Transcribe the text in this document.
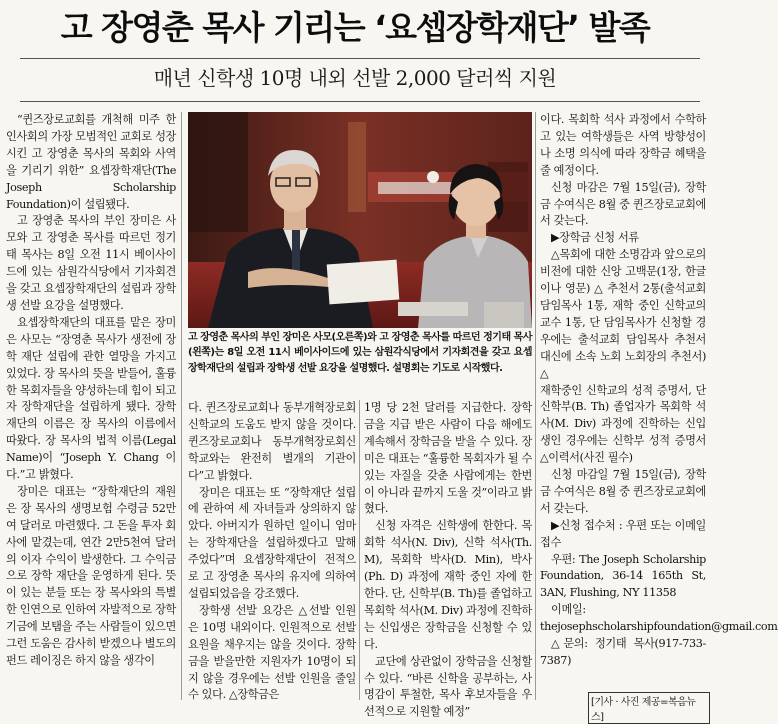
고 장영춘 목사 기리는 ‘요셉장학재단’ 발족
매년 신학생 10명 내외 선발 2,000 달러씩 지원

“퀸즈장로교회를 개척해 미주 한인사회의 가장 모범적인 교회로 성장시킨 고 장영춘 목사의 목회와 사역을 기리기 위한” 요셉장학재단(The Joseph Scholarship Foundation)이 설립됐다.

고 장영춘 목사의 부인 장미은 사모와 고 장영춘 목사를 따르던 정기태 목사는 8일 오전 11시 베이사이드에 있는 삼원각식당에서 기자회견을 갖고 요셉장학재단의 설립과 장학생 선발 요강을 설명했다.

요셉장학재단의 대표를 맡은 장미은 사모는 “장영춘 목사가 생전에 장학 재단 설립에 관한 열망을 가지고 있었다. 장 목사의 뜻을 받들어, 훌륭한 목회자들을 양성하는데 힘이 되고자 장학재단을 설립하게 됐다. 장학재단의 이름은 장 목사의 이름에서 따왔다. 장 목사의 법적 이름(Legal Name)이 “Joseph Y. Chang 이다.”고 밝혔다.

장미은 대표는 “장학재단의 재원은 장 목사의 생명보험 수령금 52만여 달러로 마련했다. 그 돈을 투자 회사에 맡겼는데, 연간 2만5천여 달러의 이자 수익이 발생한다. 그 수익금으로 장학 재단을 운영하게 된다. 뜻이 있는 분들 또는 장 목사와의 특별한 인연으로 인하여 자발적으로 장학 기금에 보탬을 주는 사람들이 있으면 그런 도움은 감사히 받겠으나 별도의 펀드 레이징은 하지 않을 생각이

고 장영춘 목사의 부인 장미은 사모(오른쪽)와 고 장영춘 목사를 따르던 정기태 목사(왼쪽)는 8일 오전 11시 베이사이드에 있는 삼원각식당에서 기자회견을 갖고 요셉장학재단의 설립과 장학생 선발 요강을 설명했다. 설명회는 기도로 시작했다.

다. 퀸즈장로교회나 동부개혁장로회신학교의 도움도 받지 않을 것이다. 퀸즈장로교회나 동부개혁장로회신학교와는 완전히 별개의 기관이다”고 밝혔다.

장미은 대표는 또 “장학재단 설립에 관하여 세 자녀들과 상의하지 않았다. 아버지가 원하던 일이니 엄마는 장학재단을 설립하겠다고 말해 주었다”며 요셉장학재단이 전적으로 고 장영춘 목사의 유지에 의하여 설립되었음을 강조했다.

장학생 선발 요강은 △선발 인원은 10명 내외이다. 인원적으로 선발 요원을 채우지는 않을 것이다. 장학금을 받을만한 지원자가 10명이 되지 않을 경우에는 선발 인원을 줄일 수 있다. △장학금은

1명 당 2천 달러를 지급한다. 장학금을 지급 받은 사람이 다음 해에도 계속해서 장학금을 받을 수 있다. 장미은 대표는 “훌륭한 목회자가 될 수 있는 자질을 갖춘 사람에게는 한번이 아니라 끝까지 도울 것”이라고 밝혔다.

신청 자격은 신학생에 한한다. 목회학 석사(N. Div), 신학 석사(Th. M), 목회학 박사(D. Min), 박사(Ph. D) 과정에 재학 중인 자에 한한다. 단, 신학부(B. Th)를 졸업하고 목회학 석사(M. Div) 과정에 진학하는 신입생은 장학금을 신청할 수 있다.

교단에 상관없이 장학금을 신청할 수 있다. “바른 신학을 공부하는, 사명감이 투철한, 목사 후보자들을 우선적으로 지원할 예정”

이다. 목회학 석사 과정에서 수학하고 있는 여학생들은 사역 방향성이나 소명 의식에 따라 장학금 혜택을 줄 예정이다.

신청 마감은 7월 15일(금), 장학금 수여식은 8월 중 퀸즈장로교회에서 갖는다.

▶장학금 신청 서류

△목회에 대한 소명감과 앞으로의 비전에 대한 신앙 고백문(1장, 한글이나 영문) △ 추천서 2통(출석교회 담임목사 1통, 재학 중인 신학교의 교수 1통, 단 담임목사가 신청할 경우에는 출석교회 담임목사 추천서 대신에 소속 노회 노회장의 추천서) △

재학중인 신학교의 성적 증명서, 단 신학부(B. Th) 졸업자가 목회학 석사(M. Div) 과정에 진학하는 신입생인 경우에는 신학부 성적 증명서 △이력서(사진 필수)

신청 마감일 7월 15일(금), 장학금 수여식은 8월 중 퀸즈장로교회에서 갖는다.

▶신청 접수처 : 우편 또는 이메일 접수

우편: The Joseph Scholarship Foundation, 36-14 165th St, 3AN, Flushing, NY 11358

이메일: thejosephscholarshipfoundation@gmail.com

△문의: 정기태 목사(917-733-7387)

[기사 · 사진 제공=복음뉴스]
